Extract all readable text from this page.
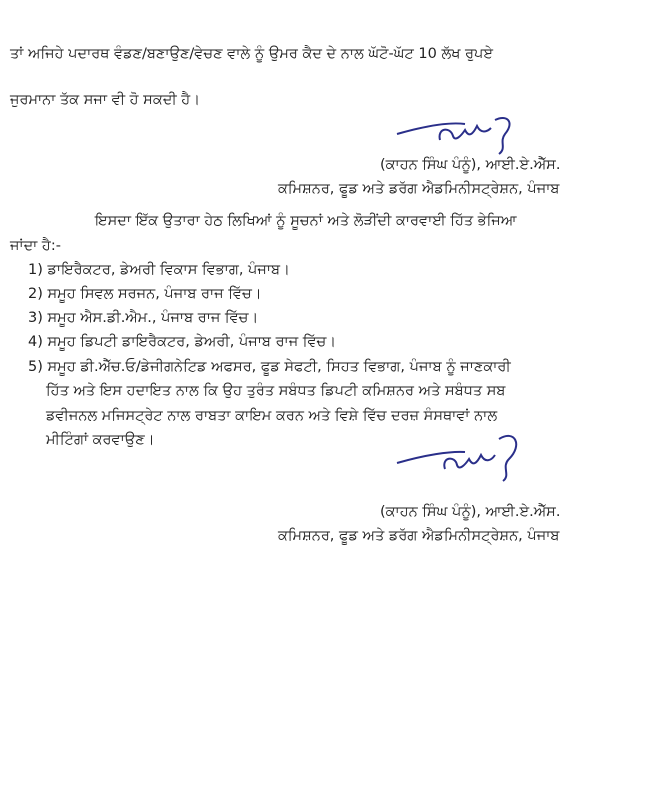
ਤਾਂ ਅਜਿਹੇ ਪਦਾਰਥ ਵੰਡਣ/ਬਣਾਉਣ/ਵੇਚਣ ਵਾਲੇ ਨੂੰ ਉਮਰ ਕੈਦ ਦੇ ਨਾਲ ਘੱਟੋ-ਘੱਟ 10 ਲੱਖ ਰੁਪਏ
ਜੁਰਮਾਨਾ ਤੱਕ ਸਜਾ ਵੀ ਹੋ ਸਕਦੀ ਹੈ।
(ਕਾਹਨ ਸਿੰਘ ਪੰਨੂੰ), ਆਈ.ਏ.ਐੱਸ.
ਕਮਿਸ਼ਨਰ, ਫੂਡ ਅਤੇ ਡਰੱਗ ਐਡਮਿਨੀਸਟ੍ਰੇਸ਼ਨ, ਪੰਜਾਬ
ਇਸਦਾ ਇੱਕ ਉਤਾਰਾ ਹੇਠ ਲਿਖਿਆਂ ਨੂੰ ਸੂਚਨਾਂ ਅਤੇ ਲੋੜੀਂਦੀ ਕਾਰਵਾਈ ਹਿੱਤ ਭੇਜਿਆ
ਜਾਂਦਾ ਹੈ:-
1) ਡਾਇਰੈਕਟਰ, ਡੇਅਰੀ ਵਿਕਾਸ ਵਿਭਾਗ, ਪੰਜਾਬ।
2) ਸਮੂਹ ਸਿਵਲ ਸਰਜਨ, ਪੰਜਾਬ ਰਾਜ ਵਿੱਚ।
3) ਸਮੂਹ ਐਸ.ਡੀ.ਐਮ., ਪੰਜਾਬ ਰਾਜ ਵਿੱਚ।
4) ਸਮੂਹ ਡਿਪਟੀ ਡਾਇਰੈਕਟਰ, ਡੇਅਰੀ, ਪੰਜਾਬ ਰਾਜ ਵਿੱਚ।
5) ਸਮੂਹ ਡੀ.ਐੱਚ.ਓ/ਡੇਜੀਗਨੇਟਿਡ ਅਫਸਰ, ਫੂਡ ਸੇਫਟੀ, ਸਿਹਤ ਵਿਭਾਗ, ਪੰਜਾਬ ਨੂੰ ਜਾਣਕਾਰੀ
ਹਿੱਤ ਅਤੇ ਇਸ ਹਦਾਇਤ ਨਾਲ ਕਿ ਉਹ ਤੁਰੰਤ ਸਬੰਧਤ ਡਿਪਟੀ ਕਮਿਸ਼ਨਰ ਅਤੇ ਸਬੰਧਤ ਸਬ
ਡਵੀਜਨਲ ਮਜਿਸਟ੍ਰੇਟ ਨਾਲ ਰਾਬਤਾ ਕਾਇਮ ਕਰਨ ਅਤੇ ਵਿਸ਼ੇ ਵਿੱਚ ਦਰਜ਼ ਸੰਸਥਾਵਾਂ ਨਾਲ
ਮੀਟਿੰਗਾਂ ਕਰਵਾਉਣ।
(ਕਾਹਨ ਸਿੰਘ ਪੰਨੂੰ), ਆਈ.ਏ.ਐੱਸ.
ਕਮਿਸ਼ਨਰ, ਫੂਡ ਅਤੇ ਡਰੱਗ ਐਡਮਿਨੀਸਟ੍ਰੇਸ਼ਨ, ਪੰਜਾਬ
